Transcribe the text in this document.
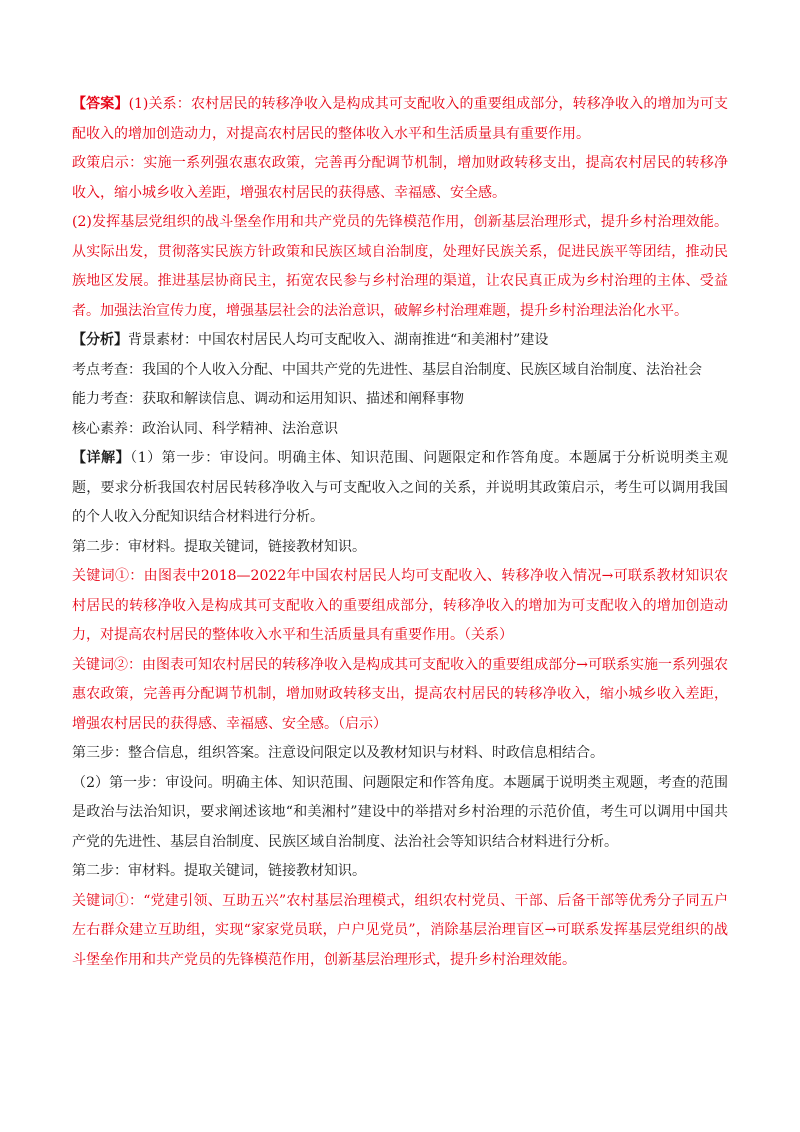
【答案】(1)关系：农村居民的转移净收入是构成其可支配收入的重要组成部分，转移净收入的增加为可支配收入的增加创造动力，对提高农村居民的整体收入水平和生活质量具有重要作用。

政策启示：实施一系列强农惠农政策，完善再分配调节机制，增加财政转移支出，提高农村居民的转移净收入，缩小城乡收入差距，增强农村居民的获得感、幸福感、安全感。

(2)发挥基层党组织的战斗堡垒作用和共产党员的先锋模范作用，创新基层治理形式，提升乡村治理效能。从实际出发，贯彻落实民族方针政策和民族区域自治制度，处理好民族关系，促进民族平等团结，推动民族地区发展。推进基层协商民主，拓宽农民参与乡村治理的渠道，让农民真正成为乡村治理的主体、受益者。加强法治宣传力度，增强基层社会的法治意识，破解乡村治理难题，提升乡村治理法治化水平。

【分析】背景素材：中国农村居民人均可支配收入、湖南推进“和美湘村”建设

考点考查：我国的个人收入分配、中国共产党的先进性、基层自治制度、民族区域自治制度、法治社会

能力考查：获取和解读信息、调动和运用知识、描述和阐释事物

核心素养：政治认同、科学精神、法治意识

【详解】（1）第一步：审设问。明确主体、知识范围、问题限定和作答角度。本题属于分析说明类主观题，要求分析我国农村居民转移净收入与可支配收入之间的关系，并说明其政策启示，考生可以调用我国的个人收入分配知识结合材料进行分析。

第二步：审材料。提取关键词，链接教材知识。

关键词①：由图表中2018—2022年中国农村居民人均可支配收入、转移净收入情况→可联系教材知识农村居民的转移净收入是构成其可支配收入的重要组成部分，转移净收入的增加为可支配收入的增加创造动力，对提高农村居民的整体收入水平和生活质量具有重要作用。（关系）

关键词②：由图表可知农村居民的转移净收入是构成其可支配收入的重要组成部分→可联系实施一系列强农惠农政策，完善再分配调节机制，增加财政转移支出，提高农村居民的转移净收入，缩小城乡收入差距，增强农村居民的获得感、幸福感、安全感。（启示）

第三步：整合信息，组织答案。注意设问限定以及教材知识与材料、时政信息相结合。

（2）第一步：审设问。明确主体、知识范围、问题限定和作答角度。本题属于说明类主观题，考查的范围是政治与法治知识，要求阐述该地“和美湘村”建设中的举措对乡村治理的示范价值，考生可以调用中国共产党的先进性、基层自治制度、民族区域自治制度、法治社会等知识结合材料进行分析。

第二步：审材料。提取关键词，链接教材知识。

关键词①：“党建引领、互助五兴”农村基层治理模式，组织农村党员、干部、后备干部等优秀分子同五户左右群众建立互助组，实现“家家党员联，户户见党员”，消除基层治理盲区→可联系发挥基层党组织的战斗堡垒作用和共产党员的先锋模范作用，创新基层治理形式，提升乡村治理效能。
